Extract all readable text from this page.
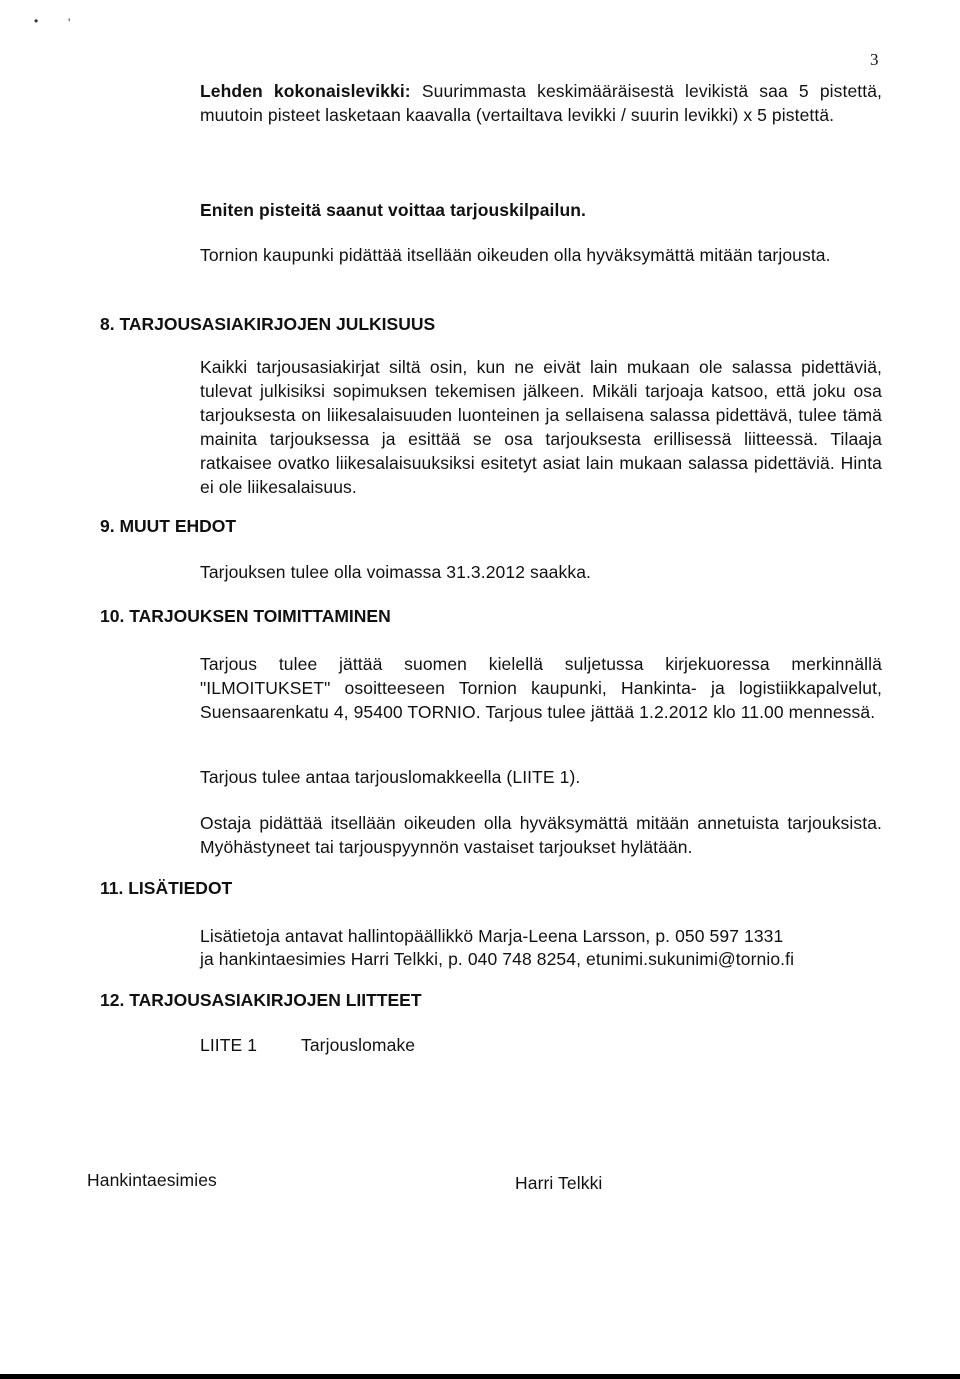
• '
3
Lehden kokonaislevikki: Suurimmasta keskimääräisestä levikistä saa 5 pistettä, muutoin pisteet lasketaan kaavalla (vertailtava levikki / suurin levikki) x 5 pistettä.
Eniten pisteitä saanut voittaa tarjouskilpailun.
Tornion kaupunki pidättää itsellään oikeuden olla hyväksymättä mitään tarjousta.
8. TARJOUSASIAKIRJOJEN JULKISUUS
Kaikki tarjousasiakirjat siltä osin, kun ne eivät lain mukaan ole salassa pidettäviä, tulevat julkisiksi sopimuksen tekemisen jälkeen. Mikäli tarjoaja katsoo, että joku osa tarjouksesta on liikesalaisuuden luonteinen ja sellaisena salassa pidettävä, tulee tämä mainita tarjouksessa ja esittää se osa tarjouksesta erillisessä liitteessä. Tilaaja ratkaisee ovatko liikesalaisuuksiksi esitetyt asiat lain mukaan salassa pidettäviä. Hinta ei ole liikesalaisuus.
9. MUUT EHDOT
Tarjouksen tulee olla voimassa 31.3.2012 saakka.
10. TARJOUKSEN TOIMITTAMINEN
Tarjous tulee jättää suomen kielellä suljetussa kirjekuoressa merkinnällä "ILMOITUKSET" osoitteeseen Tornion kaupunki, Hankinta- ja logistiikkapalvelut, Suensaarenkatu 4, 95400 TORNIO. Tarjous tulee jättää 1.2.2012 klo 11.00 mennessä.
Tarjous tulee antaa tarjouslomakkeella (LIITE 1).
Ostaja pidättää itsellään oikeuden olla hyväksymättä mitään annetuista tarjouksista. Myöhästyneet tai tarjouspyynnön vastaiset tarjoukset hylätään.
11. LISÄTIEDOT
Lisätietoja antavat hallintopäällikkö Marja-Leena Larsson, p. 050 597 1331
ja hankintaesimies Harri Telkki, p. 040 748 8254, etunimi.sukunimi@tornio.fi
12. TARJOUSASIAKIRJOJEN LIITTEET
LIITE 1	Tarjouslomake
Hankintaesimies	Harri Telkki
